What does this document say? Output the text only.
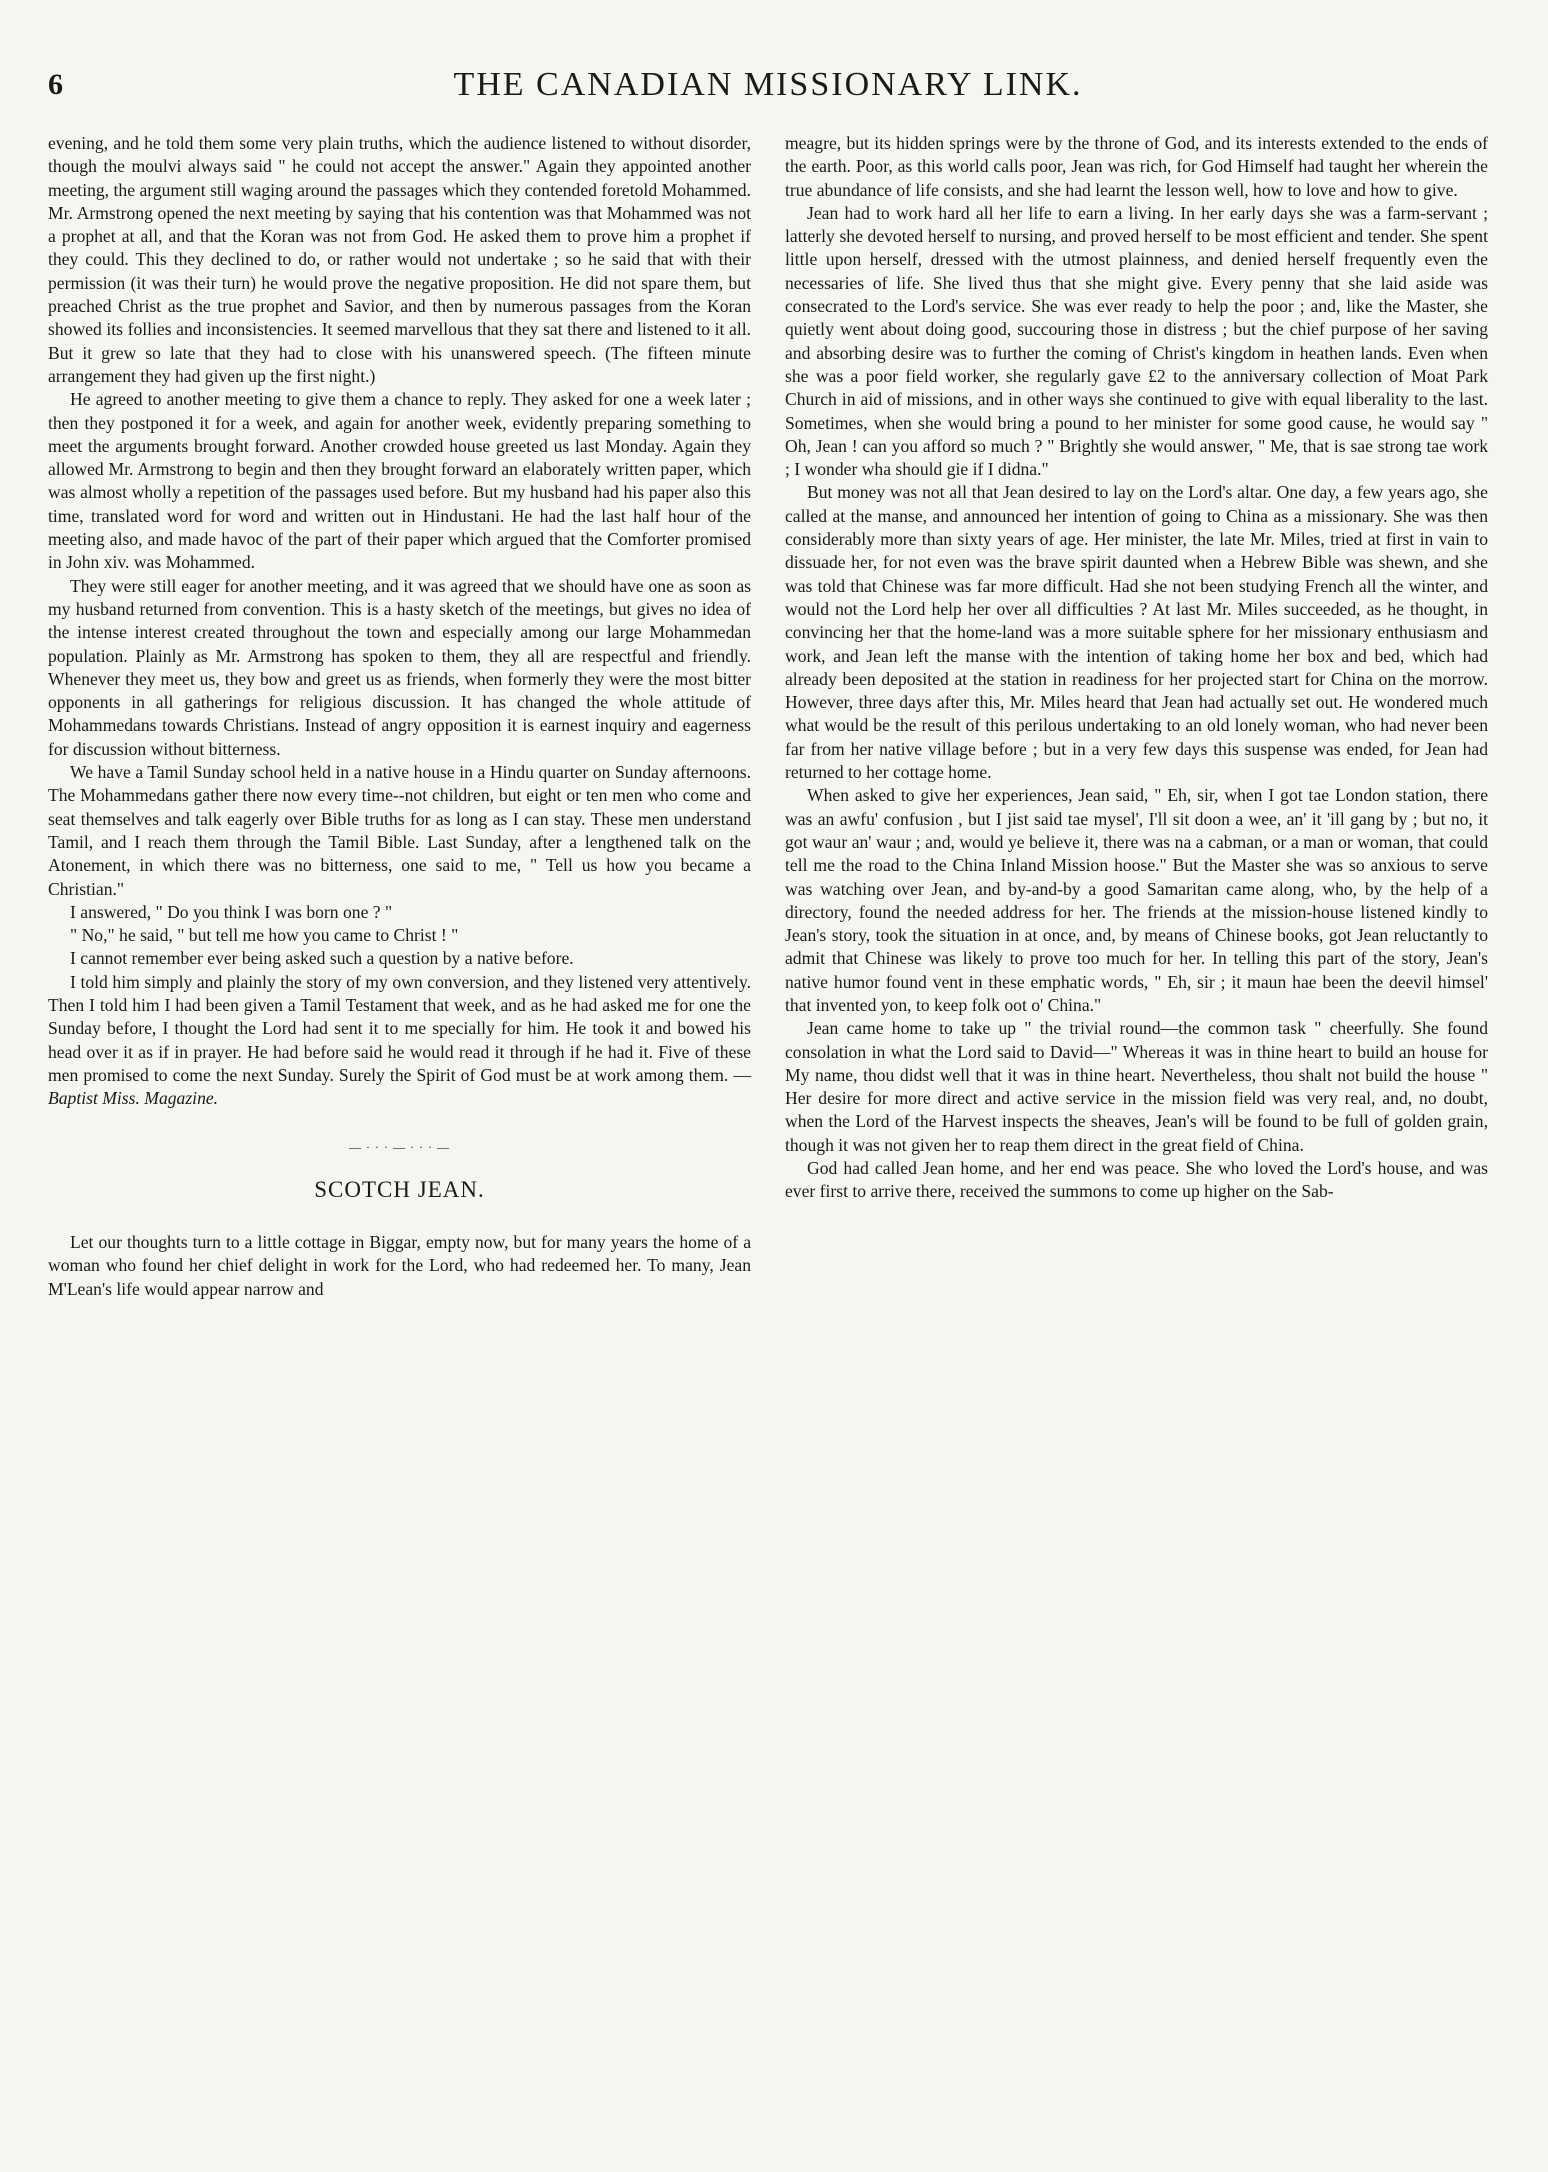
6	THE CANADIAN MISSIONARY LINK.

evening, and he told them some very plain truths, which the audience listened to without disorder, though the moulvi always said " he could not accept the answer." Again they appointed another meeting, the argument still waging around the passages which they contended foretold Mohammed. Mr. Armstrong opened the next meeting by saying that his contention was that Mohammed was not a prophet at all, and that the Koran was not from God. He asked them to prove him a prophet if they could. This they declined to do, or rather would not undertake ; so he said that with their permission (it was their turn) he would prove the negative proposition. He did not spare them, but preached Christ as the true prophet and Savior, and then by numerous passages from the Koran showed its follies and inconsistencies. It seemed marvellous that they sat there and listened to it all. But it grew so late that they had to close with his unanswered speech. (The fifteen minute arrangement they had given up the first night.)

He agreed to another meeting to give them a chance to reply. They asked for one a week later ; then they postponed it for a week, and again for another week, evidently preparing something to meet the arguments brought forward. Another crowded house greeted us last Monday. Again they allowed Mr. Armstrong to begin and then they brought forward an elaborately written paper, which was almost wholly a repetition of the passages used before. But my husband had his paper also this time, translated word for word and written out in Hindustani. He had the last half hour of the meeting also, and made havoc of the part of their paper which argued that the Comforter promised in John xiv. was Mohammed.

They were still eager for another meeting, and it was agreed that we should have one as soon as my husband returned from convention. This is a hasty sketch of the meetings, but gives no idea of the intense interest created throughout the town and especially among our large Mohammedan population. Plainly as Mr. Armstrong has spoken to them, they all are respectful and friendly. Whenever they meet us, they bow and greet us as friends, when formerly they were the most bitter opponents in all gatherings for religious discussion. It has changed the whole attitude of Mohammedans towards Christians. Instead of angry opposition it is earnest inquiry and eagerness for discussion without bitterness.

We have a Tamil Sunday school held in a native house in a Hindu quarter on Sunday afternoons. The Mohammedans gather there now every time--not children, but eight or ten men who come and seat themselves and talk eagerly over Bible truths for as long as I can stay. These men understand Tamil, and I reach them through the Tamil Bible. Last Sunday, after a lengthened talk on the Atonement, in which there was no bitterness, one said to me, " Tell us how you became a Christian."

I answered, " Do you think I was born one ? "

" No," he said, " but tell me how you came to Christ ! "

I cannot remember ever being asked such a question by a native before.

I told him simply and plainly the story of my own conversion, and they listened very attentively. Then I told him I had been given a Tamil Testament that week, and as he had asked me for one the Sunday before, I thought the Lord had sent it to me specially for him. He took it and bowed his head over it as if in prayer. He had before said he would read it through if he had it. Five of these men promised to come the next Sunday. Surely the Spirit of God must be at work among them. — Baptist Miss. Magazine.

— · · · — · · · —
SCOTCH JEAN.

Let our thoughts turn to a little cottage in Biggar, empty now, but for many years the home of a woman who found her chief delight in work for the Lord, who had redeemed her. To many, Jean M'Lean's life would appear narrow and

meagre, but its hidden springs were by the throne of God, and its interests extended to the ends of the earth. Poor, as this world calls poor, Jean was rich, for God Himself had taught her wherein the true abundance of life consists, and she had learnt the lesson well, how to love and how to give.

Jean had to work hard all her life to earn a living. In her early days she was a farm-servant ; latterly she devoted herself to nursing, and proved herself to be most efficient and tender. She spent little upon herself, dressed with the utmost plainness, and denied herself frequently even the necessaries of life. She lived thus that she might give. Every penny that she laid aside was consecrated to the Lord's service. She was ever ready to help the poor ; and, like the Master, she quietly went about doing good, succouring those in distress ; but the chief purpose of her saving and absorbing desire was to further the coming of Christ's kingdom in heathen lands. Even when she was a poor field worker, she regularly gave £2 to the anniversary collection of Moat Park Church in aid of missions, and in other ways she continued to give with equal liberality to the last. Sometimes, when she would bring a pound to her minister for some good cause, he would say " Oh, Jean ! can you afford so much ? " Brightly she would answer, " Me, that is sae strong tae work ; I wonder wha should gie if I didna."

But money was not all that Jean desired to lay on the Lord's altar. One day, a few years ago, she called at the manse, and announced her intention of going to China as a missionary. She was then considerably more than sixty years of age. Her minister, the late Mr. Miles, tried at first in vain to dissuade her, for not even was the brave spirit daunted when a Hebrew Bible was shewn, and she was told that Chinese was far more difficult. Had she not been studying French all the winter, and would not the Lord help her over all difficulties ? At last Mr. Miles succeeded, as he thought, in convincing her that the home-land was a more suitable sphere for her missionary enthusiasm and work, and Jean left the manse with the intention of taking home her box and bed, which had already been deposited at the station in readiness for her projected start for China on the morrow. However, three days after this, Mr. Miles heard that Jean had actually set out. He wondered much what would be the result of this perilous undertaking to an old lonely woman, who had never been far from her native village before ; but in a very few days this suspense was ended, for Jean had returned to her cottage home.

When asked to give her experiences, Jean said, " Eh, sir, when I got tae London station, there was an awfu' confusion , but I jist said tae mysel', I'll sit doon a wee, an' it 'ill gang by ; but no, it got waur an' waur ; and, would ye believe it, there was na a cabman, or a man or woman, that could tell me the road to the China Inland Mission hoose." But the Master she was so anxious to serve was watching over Jean, and by-and-by a good Samaritan came along, who, by the help of a directory, found the needed address for her. The friends at the mission-house listened kindly to Jean's story, took the situation in at once, and, by means of Chinese books, got Jean reluctantly to admit that Chinese was likely to prove too much for her. In telling this part of the story, Jean's native humor found vent in these emphatic words, " Eh, sir ; it maun hae been the deevil himsel' that invented yon, to keep folk oot o' China."

Jean came home to take up " the trivial round—the common task " cheerfully. She found consolation in what the Lord said to David—" Whereas it was in thine heart to build an house for My name, thou didst well that it was in thine heart. Nevertheless, thou shalt not build the house " Her desire for more direct and active service in the mission field was very real, and, no doubt, when the Lord of the Harvest inspects the sheaves, Jean's will be found to be full of golden grain, though it was not given her to reap them direct in the great field of China.

God had called Jean home, and her end was peace. She who loved the Lord's house, and was ever first to arrive there, received the summons to come up higher on the Sab-
